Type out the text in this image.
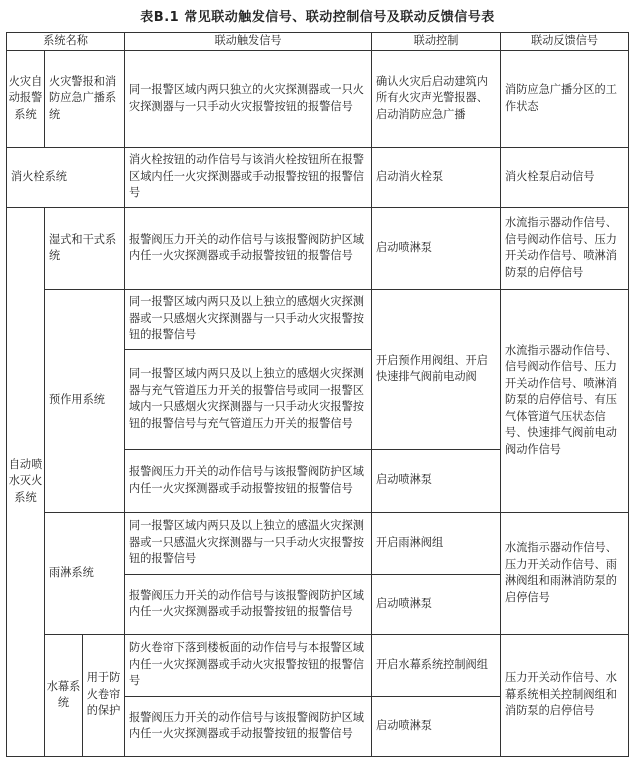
表B.1 常见联动触发信号、联动控制信号及联动反馈信号表
系统名称			联动触发信号	联动控制	联动反馈信号
火灾自动报警系统	火灾警报和消防应急广播系统		同一报警区域内两只独立的火灾探测器或一只火灾探测器与一只手动火灾报警按钮的报警信号	确认火灾后启动建筑内所有火灾声光警报器、启动消防应急广播	消防应急广播分区的工作状态
消火栓系统			消火栓按钮的动作信号与该消火栓按钮所在报警区域内任一火灾探测器或手动报警按钮的报警信号	启动消火栓泵	消火栓泵启动信号
自动喷水灭火系统	湿式和干式系统		报警阀压力开关的动作信号与该报警阀防护区域内任一火灾探测器或手动报警按钮的报警信号	启动喷淋泵	水流指示器动作信号、信号阀动作信号、压力开关动作信号、喷淋消防泵的启停信号
	预作用系统		同一报警区域内两只及以上独立的感烟火灾探测器或一只感烟火灾探测器与一只手动火灾报警按钮的报警信号	开启预作用阀组、开启快速排气阀前电动阀	水流指示器动作信号、信号阀动作信号、压力开关动作信号、喷淋消防泵的启停信号、有压气体管道气压状态信号、快速排气阀前电动阀动作信号
			同一报警区域内两只及以上独立的感烟火灾探测器与充气管道压力开关的报警信号或同一报警区域内一只感烟火灾探测器与一只手动火灾报警按钮的报警信号与充气管道压力开关的报警信号		
			报警阀压力开关的动作信号与该报警阀防护区域内任一火灾探测器或手动报警按钮的报警信号	启动喷淋泵	
	雨淋系统		同一报警区域内两只及以上独立的感温火灾探测器或一只感温火灾探测器与一只手动火灾报警按钮的报警信号	开启雨淋阀组	水流指示器动作信号、压力开关动作信号、雨淋阀组和雨淋消防泵的启停信号
			报警阀压力开关的动作信号与该报警阀防护区域内任一火灾探测器或手动报警按钮的报警信号	启动喷淋泵	
	水幕系统	用于防火卷帘的保护	防火卷帘下落到楼板面的动作信号与本报警区域内任一火灾探测器或手动火灾报警按钮的报警信号	开启水幕系统控制阀组	压力开关动作信号、水幕系统相关控制阀组和消防泵的启停信号
			报警阀压力开关的动作信号与该报警阀防护区域内任一火灾探测器或手动报警按钮的报警信号	启动喷淋泵	
